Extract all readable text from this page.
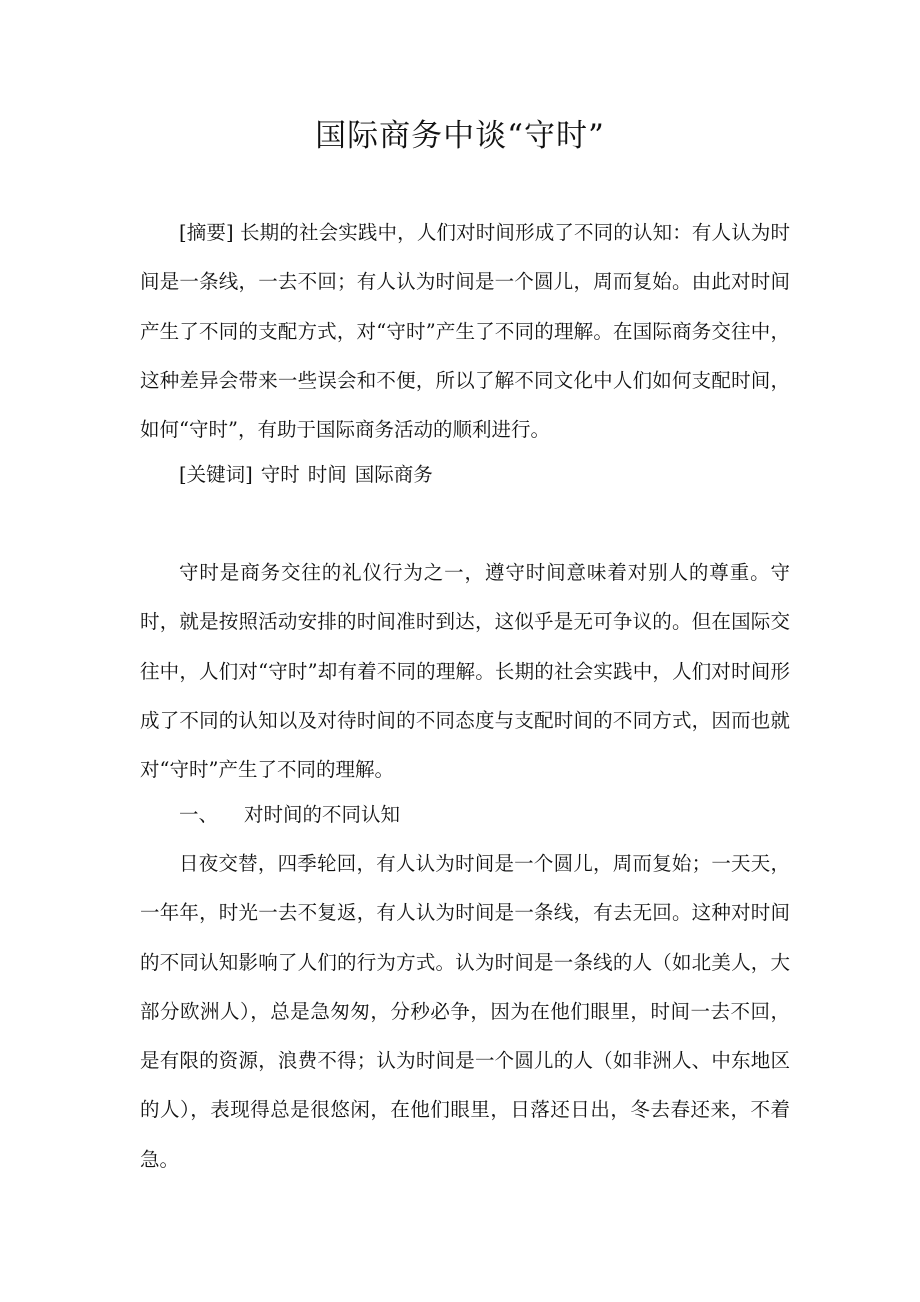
国际商务中谈“守时”
[摘要] 长期的社会实践中，人们对时间形成了不同的认知：有人认为时间是一条线，一去不回；有人认为时间是一个圆儿，周而复始。由此对时间产生了不同的支配方式，对“守时”产生了不同的理解。在国际商务交往中，这种差异会带来一些误会和不便，所以了解不同文化中人们如何支配时间，如何“守时”，有助于国际商务活动的顺利进行。
[关键词] 守时 时间 国际商务
守时是商务交往的礼仪行为之一，遵守时间意味着对别人的尊重。守时，就是按照活动安排的时间准时到达，这似乎是无可争议的。但在国际交往中，人们对“守时”却有着不同的理解。长期的社会实践中，人们对时间形成了不同的认知以及对待时间的不同态度与支配时间的不同方式，因而也就对“守时”产生了不同的理解。
一、 对时间的不同认知
日夜交替，四季轮回，有人认为时间是一个圆儿，周而复始；一天天，一年年，时光一去不复返，有人认为时间是一条线，有去无回。这种对时间的不同认知影响了人们的行为方式。认为时间是一条线的人（如北美人，大部分欧洲人），总是急匆匆，分秒必争，因为在他们眼里，时间一去不回，是有限的资源，浪费不得；认为时间是一个圆儿的人（如非洲人、中东地区的人），表现得总是很悠闲，在他们眼里，日落还日出，冬去春还来，不着急。
